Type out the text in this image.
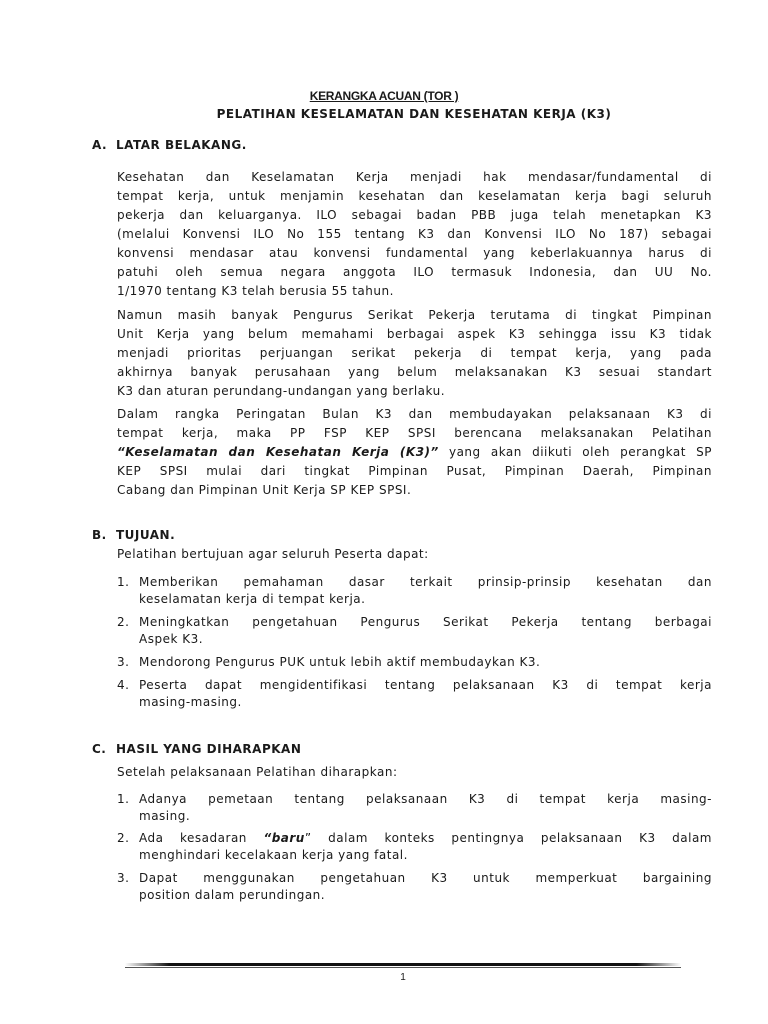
KERANGKA ACUAN (TOR )
PELATIHAN KESELAMATAN DAN KESEHATAN KERJA (K3)
A. LATAR BELAKANG.
Kesehatan dan Keselamatan Kerja menjadi hak mendasar/fundamental di
tempat kerja, untuk menjamin kesehatan dan keselamatan kerja bagi seluruh
pekerja dan keluarganya. ILO sebagai badan PBB juga telah menetapkan K3
(melalui Konvensi ILO No 155 tentang K3 dan Konvensi ILO No 187) sebagai
konvensi mendasar atau konvensi fundamental yang keberlakuannya harus di
patuhi oleh semua negara anggota ILO termasuk Indonesia, dan UU No.
1/1970 tentang K3 telah berusia 55 tahun.
Namun masih banyak Pengurus Serikat Pekerja terutama di tingkat Pimpinan
Unit Kerja yang belum memahami berbagai aspek K3 sehingga issu K3 tidak
menjadi prioritas perjuangan serikat pekerja di tempat kerja, yang pada
akhirnya banyak perusahaan yang belum melaksanakan K3 sesuai standart
K3 dan aturan perundang-undangan yang berlaku.
Dalam rangka Peringatan Bulan K3 dan membudayakan pelaksanaan K3 di
tempat kerja, maka PP FSP KEP SPSI berencana melaksanakan Pelatihan
“Keselamatan dan Kesehatan Kerja (K3)” yang akan diikuti oleh perangkat SP
KEP SPSI mulai dari tingkat Pimpinan Pusat, Pimpinan Daerah, Pimpinan
Cabang dan Pimpinan Unit Kerja SP KEP SPSI.
B. TUJUAN.
Pelatihan bertujuan agar seluruh Peserta dapat:
1. Memberikan pemahaman dasar terkait prinsip-prinsip kesehatan dan
keselamatan kerja di tempat kerja.
2. Meningkatkan pengetahuan Pengurus Serikat Pekerja tentang berbagai
Aspek K3.
3. Mendorong Pengurus PUK untuk lebih aktif membudaykan K3.
4. Peserta dapat mengidentifikasi tentang pelaksanaan K3 di tempat kerja
masing-masing.
C. HASIL YANG DIHARAPKAN
Setelah pelaksanaan Pelatihan diharapkan:
1. Adanya pemetaan tentang pelaksanaan K3 di tempat kerja masing-
masing.
2. Ada kesadaran “baru” dalam konteks pentingnya pelaksanaan K3 dalam
menghindari kecelakaan kerja yang fatal.
3. Dapat menggunakan pengetahuan K3 untuk memperkuat bargaining
position dalam perundingan.
1
